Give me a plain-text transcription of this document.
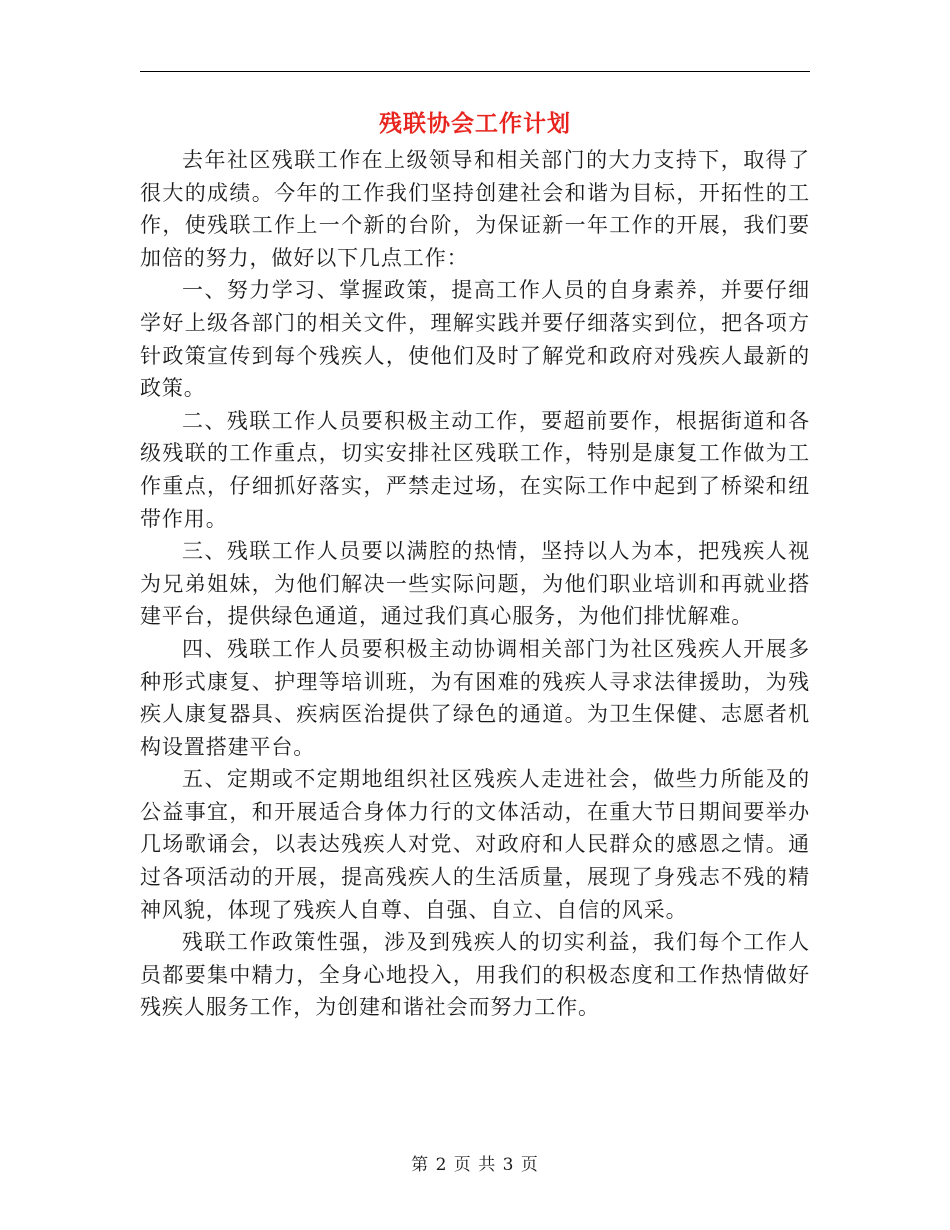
残联协会工作计划

去年社区残联工作在上级领导和相关部门的大力支持下，取得了很大的成绩。今年的工作我们坚持创建社会和谐为目标，开拓性的工作，使残联工作上一个新的台阶，为保证新一年工作的开展，我们要加倍的努力，做好以下几点工作：

一、努力学习、掌握政策，提高工作人员的自身素养，并要仔细学好上级各部门的相关文件，理解实践并要仔细落实到位，把各项方针政策宣传到每个残疾人，使他们及时了解党和政府对残疾人最新的政策。

二、残联工作人员要积极主动工作，要超前要作，根据街道和各级残联的工作重点，切实安排社区残联工作，特别是康复工作做为工作重点，仔细抓好落实，严禁走过场，在实际工作中起到了桥梁和纽带作用。

三、残联工作人员要以满腔的热情，坚持以人为本，把残疾人视为兄弟姐妹，为他们解决一些实际问题，为他们职业培训和再就业搭建平台，提供绿色通道，通过我们真心服务，为他们排忧解难。

四、残联工作人员要积极主动协调相关部门为社区残疾人开展多种形式康复、护理等培训班，为有困难的残疾人寻求法律援助，为残疾人康复器具、疾病医治提供了绿色的通道。为卫生保健、志愿者机构设置搭建平台。

五、定期或不定期地组织社区残疾人走进社会，做些力所能及的公益事宜，和开展适合身体力行的文体活动，在重大节日期间要举办几场歌诵会，以表达残疾人对党、对政府和人民群众的感恩之情。通过各项活动的开展，提高残疾人的生活质量，展现了身残志不残的精神风貌，体现了残疾人自尊、自强、自立、自信的风采。

残联工作政策性强，涉及到残疾人的切实利益，我们每个工作人员都要集中精力，全身心地投入，用我们的积极态度和工作热情做好残疾人服务工作，为创建和谐社会而努力工作。

第 2 页 共 3 页
